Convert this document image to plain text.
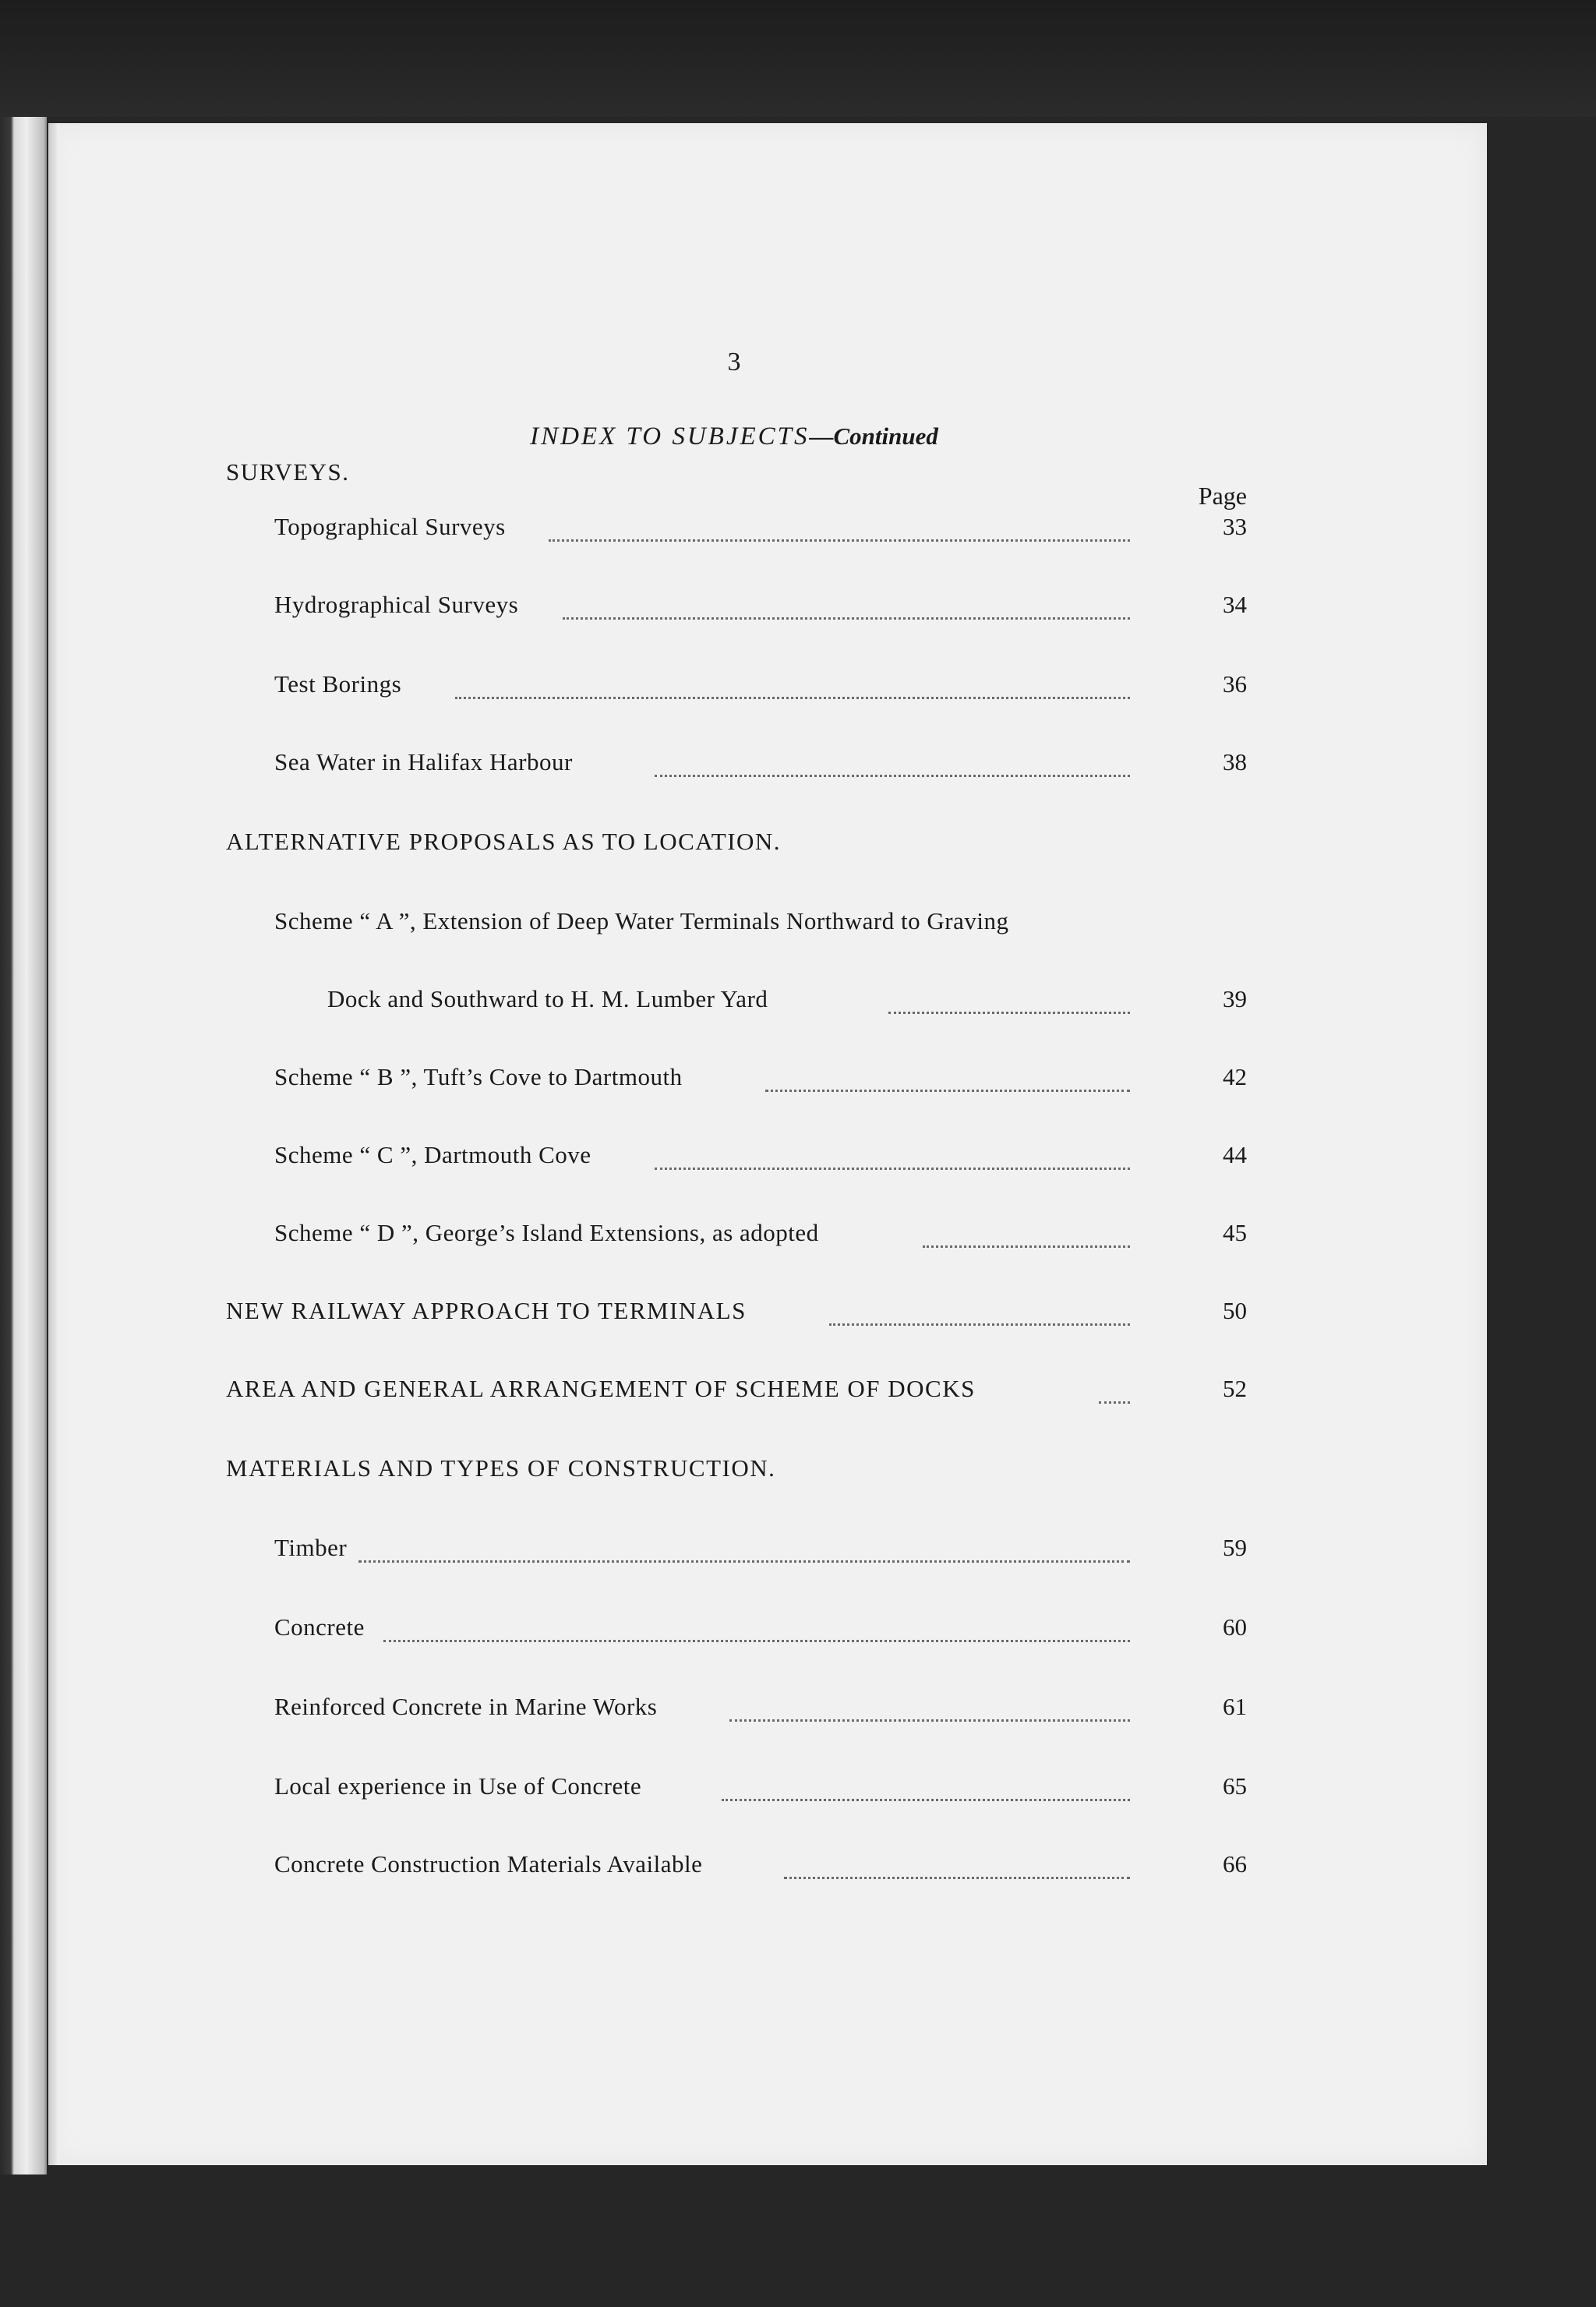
3
INDEX TO SUBJECTS—Continued
SURVEYS.
Page
Topographical Surveys	33
Hydrographical Surveys	34
Test Borings	36
Sea Water in Halifax Harbour	38
ALTERNATIVE PROPOSALS AS TO LOCATION.
Scheme “ A ”, Extension of Deep Water Terminals Northward to Graving
Dock and Southward to H. M. Lumber Yard	39
Scheme “ B ”, Tuft’s Cove to Dartmouth	42
Scheme “ C ”, Dartmouth Cove	44
Scheme “ D ”, George’s Island Extensions, as adopted	45
NEW RAILWAY APPROACH TO TERMINALS	50
AREA AND GENERAL ARRANGEMENT OF SCHEME OF DOCKS	52
MATERIALS AND TYPES OF CONSTRUCTION.
Timber	59
Concrete	60
Reinforced Concrete in Marine Works	61
Local experience in Use of Concrete	65
Concrete Construction Materials Available	66
